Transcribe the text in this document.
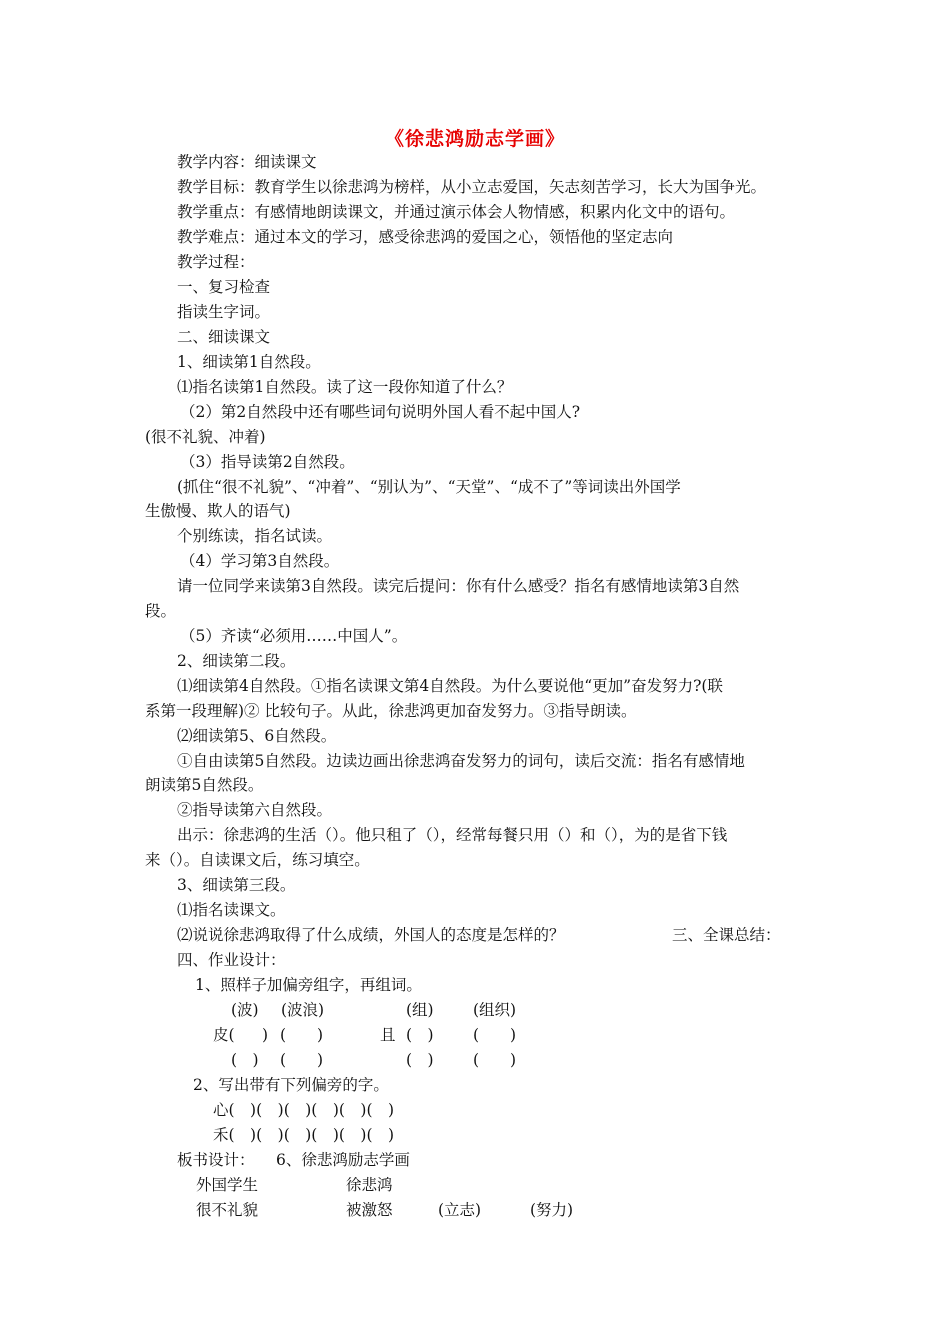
《徐悲鸿励志学画》
教学内容：细读课文
教学目标：教育学生以徐悲鸿为榜样，从小立志爱国，矢志刻苦学习，长大为国争光。
教学重点：有感情地朗读课文，并通过演示体会人物情感，积累内化文中的语句。
教学难点：通过本文的学习，感受徐悲鸿的爱国之心，领悟他的坚定志向
教学过程：
一、复习检查
指读生字词。
二、细读课文
1、细读第1自然段。
⑴指名读第1自然段。读了这一段你知道了什么？
（2）第2自然段中还有哪些词句说明外国人看不起中国人?
(很不礼貌、冲着)
（3）指导读第2自然段。
(抓住“很不礼貌”、“冲着”、“别认为”、“天堂”、“成不了”等词读出外国学
生傲慢、欺人的语气)
个别练读，指名试读。
（4）学习第3自然段。
请一位同学来读第3自然段。读完后提问：你有什么感受？指名有感情地读第3自然
段。
（5）齐读“必须用……中国人”。
2、细读第二段。
⑴细读第4自然段。①指名读课文第4自然段。为什么要说他“更加”奋发努力?(联
系第一段理解)② 比较句子。从此，徐悲鸿更加奋发努力。③指导朗读。
⑵细读第5、6自然段。
①自由读第5自然段。边读边画出徐悲鸿奋发努力的词句，读后交流：指名有感情地
朗读第5自然段。
②指导读第六自然段。
出示：徐悲鸿的生活（）。他只租了（），经常每餐只用（）和（），为的是省下钱
来（）。自读课文后，练习填空。
3、细读第三段。
⑴指名读课文。
⑵说说徐悲鸿取得了什么成绩，外国人的态度是怎样的？	三、全课总结：
四、作业设计：
1、照样子加偏旁组字，再组词。
(波) (波浪)	(组)	(组织)
皮( ) (　　)	且 (　)	(　　)
(　) (　　)	(　)	(　　)
2、写出带有下列偏旁的字。
心(　)(　)(　)(　)(　)(　)
禾(　)(　)(　)(　)(　)(　)
板书设计： 6、徐悲鸿励志学画
外国学生	徐悲鸿
很不礼貌	被激怒	(立志)	(努力)
